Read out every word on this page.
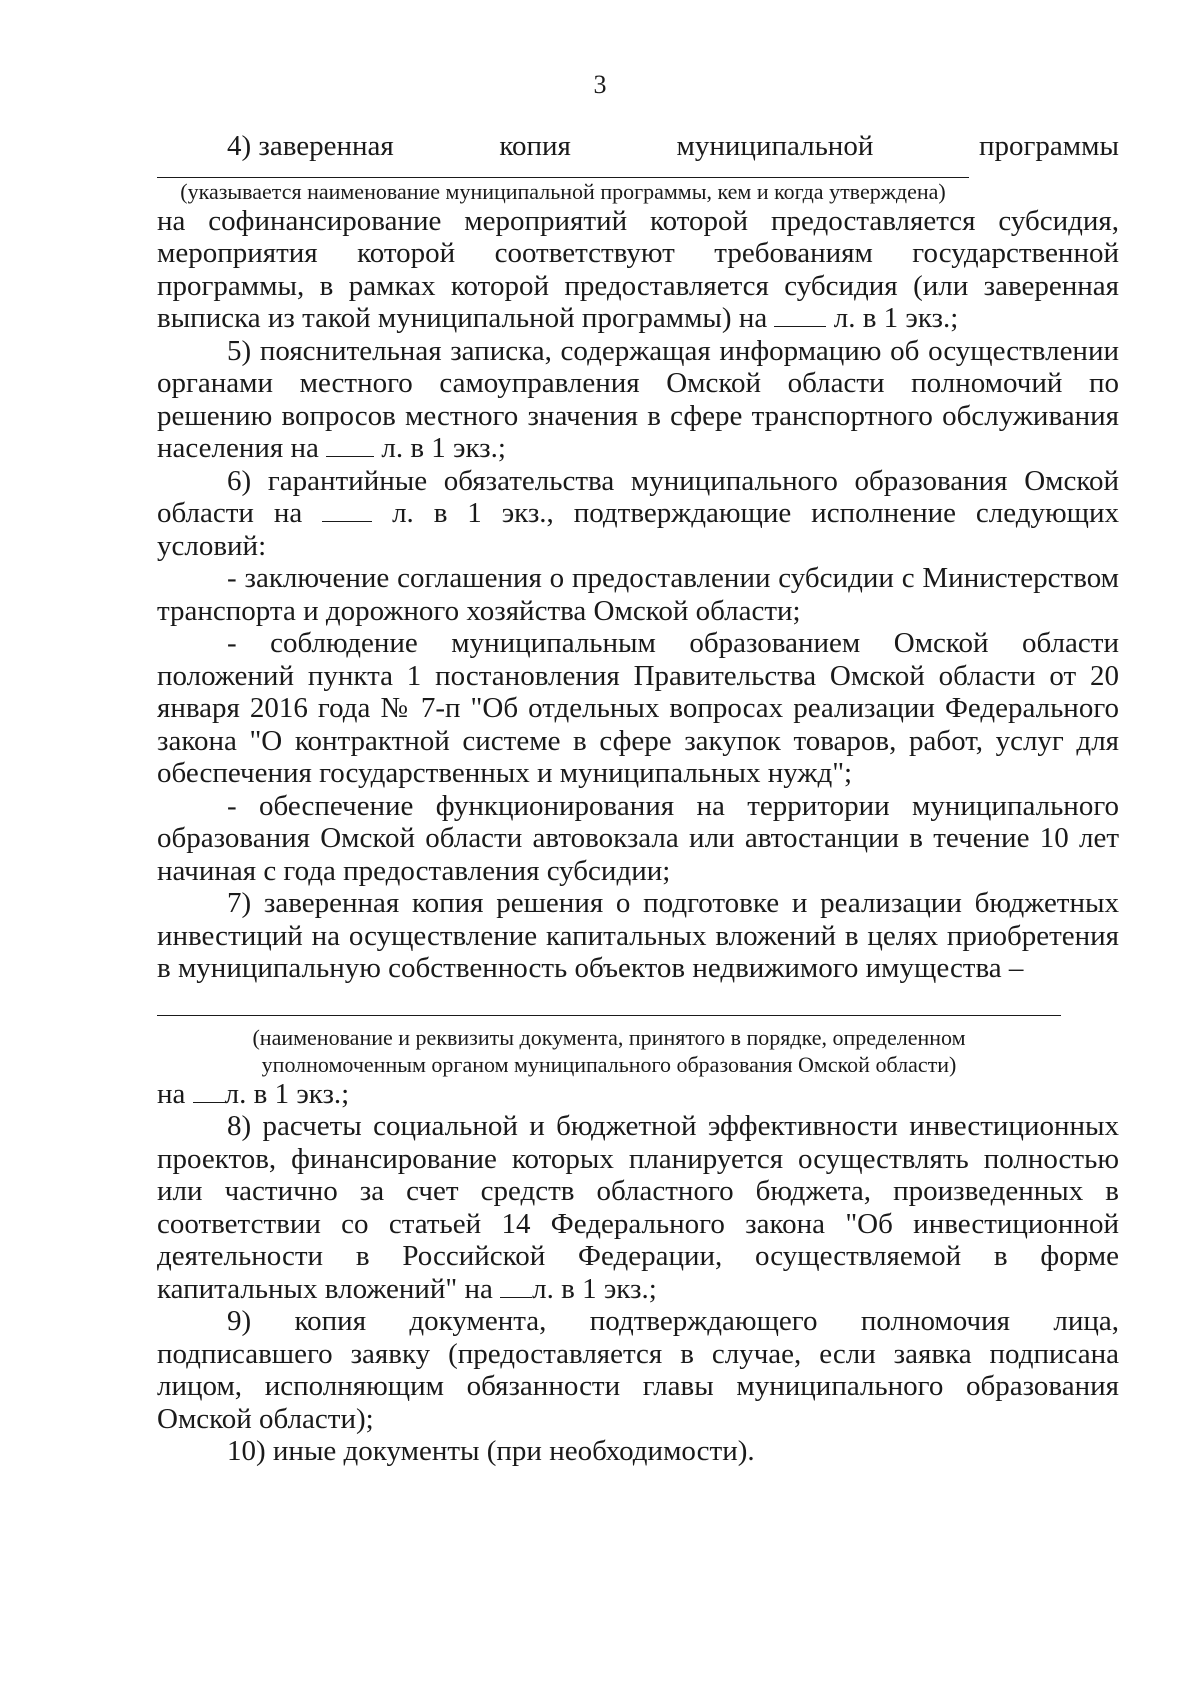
3
4) заверенная	копия	муниципальной	программы
(указывается наименование муниципальной программы, кем и когда утверждена)

на софинансирование мероприятий которой предоставляется субсидия, мероприятия которой соответствуют требованиям государственной программы, в рамках которой предоставляется субсидия (или заверенная выписка из такой муниципальной программы) на  л. в 1 экз.;

5) пояснительная записка, содержащая информацию об осуществлении органами местного самоуправления Омской области полномочий по решению вопросов местного значения в сфере транспортного обслуживания населения на  л. в 1 экз.;

6) гарантийные обязательства муниципального образования Омской области на  л. в 1 экз., подтверждающие исполнение следующих условий:

- заключение соглашения о предоставлении субсидии с Министерством транспорта и дорожного хозяйства Омской области;

- соблюдение муниципальным образованием Омской области положений пункта 1 постановления Правительства Омской области от 20 января 2016 года № 7-п "Об отдельных вопросах реализации Федерального закона "О контрактной системе в сфере закупок товаров, работ, услуг для обеспечения государственных и муниципальных нужд";

- обеспечение функционирования на территории муниципального образования Омской области автовокзала или автостанции в течение 10 лет начиная с года предоставления субсидии;

7) заверенная копия решения о подготовке и реализации бюджетных инвестиций на осуществление капитальных вложений в целях приобретения в муниципальную собственность объектов недвижимого имущества –

(наименование и реквизиты документа, принятого в порядке, определенном
уполномоченным органом муниципального образования Омской области)

на л. в 1 экз.;

8) расчеты социальной и бюджетной эффективности инвестиционных проектов, финансирование которых планируется осуществлять полностью или частично за счет средств областного бюджета, произведенных в соответствии со статьей 14 Федерального закона "Об инвестиционной деятельности в Российской Федерации, осуществляемой в форме капитальных вложений" на л. в 1 экз.;

9) копия документа, подтверждающего полномочия лица, подписавшего заявку (предоставляется в случае, если заявка подписана лицом, исполняющим обязанности главы муниципального образования Омской области);

10) иные документы (при необходимости).
